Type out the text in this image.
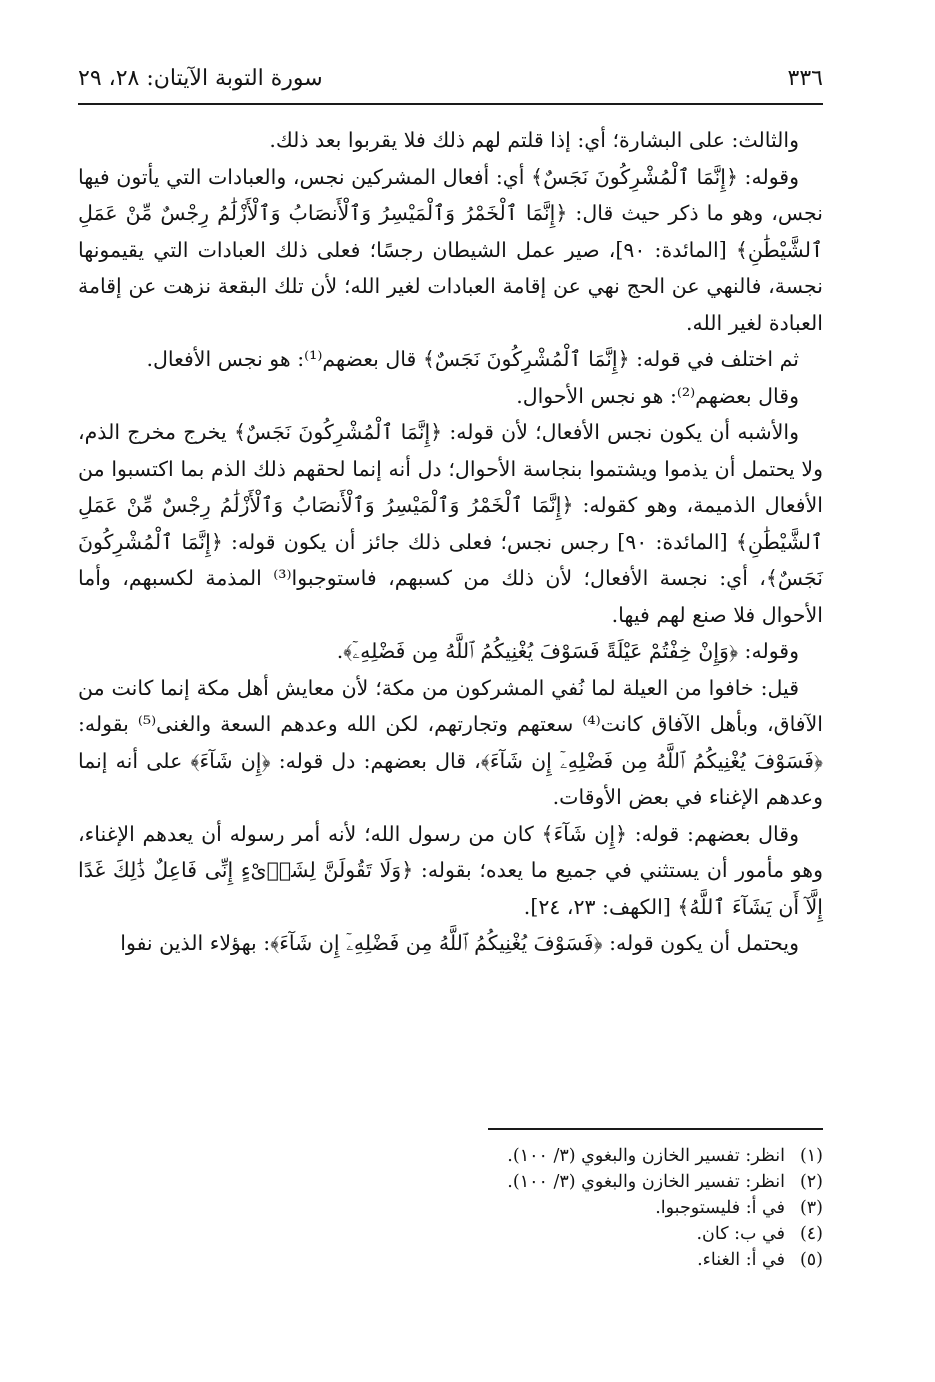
٣٣٦
سورة التوبة الآيتان: ٢٨، ٢٩

والثالث: على البشارة؛ أي: إذا قلتم لهم ذلك فلا يقربوا بعد ذلك.

وقوله: ﴿إِنَّمَا ٱلْمُشْرِكُونَ نَجَسٌ﴾ أي: أفعال المشركين نجس، والعبادات التي يأتون فيها نجس، وهو ما ذكر حيث قال: ﴿إِنَّمَا ٱلْخَمْرُ وَٱلْمَيْسِرُ وَٱلْأَنصَابُ وَٱلْأَزْلَٰمُ رِجْسٌ مِّنْ عَمَلِ ٱلشَّيْطَٰنِ﴾ [المائدة: ٩٠]، صير عمل الشيطان رجسًا؛ فعلى ذلك العبادات التي يقيمونها نجسة، فالنهي عن الحج نهي عن إقامة العبادات لغير الله؛ لأن تلك البقعة نزهت عن إقامة العبادة لغير الله.

ثم اختلف في قوله: ﴿إِنَّمَا ٱلْمُشْرِكُونَ نَجَسٌ﴾ قال بعضهم⁽¹⁾: هو نجس الأفعال.

وقال بعضهم⁽²⁾: هو نجس الأحوال.

والأشبه أن يكون نجس الأفعال؛ لأن قوله: ﴿إِنَّمَا ٱلْمُشْرِكُونَ نَجَسٌ﴾ يخرج مخرج الذم، ولا يحتمل أن يذموا ويشتموا بنجاسة الأحوال؛ دل أنه إنما لحقهم ذلك الذم بما اكتسبوا من الأفعال الذميمة، وهو كقوله: ﴿إِنَّمَا ٱلْخَمْرُ وَٱلْمَيْسِرُ وَٱلْأَنصَابُ وَٱلْأَزْلَٰمُ رِجْسٌ مِّنْ عَمَلِ ٱلشَّيْطَٰنِ﴾ [المائدة: ٩٠] رجس نجس؛ فعلى ذلك جائز أن يكون قوله: ﴿إِنَّمَا ٱلْمُشْرِكُونَ نَجَسٌ﴾، أي: نجسة الأفعال؛ لأن ذلك من كسبهم، فاستوجبوا⁽³⁾ المذمة لكسبهم، وأما الأحوال فلا صنع لهم فيها.

وقوله: ﴿وَإِنْ خِفْتُمْ عَيْلَةً فَسَوْفَ يُغْنِيكُمُ ٱللَّهُ مِن فَضْلِهِۦٓ﴾.

قيل: خافوا من العيلة لما نُفي المشركون من مكة؛ لأن معايش أهل مكة إنما كانت من الآفاق، وبأهل الآفاق كانت⁽⁴⁾ سعتهم وتجارتهم، لكن الله وعدهم السعة والغنى⁽⁵⁾ بقوله: ﴿فَسَوْفَ يُغْنِيكُمُ ٱللَّهُ مِن فَضْلِهِۦٓ إِن شَآءَ﴾، قال بعضهم: دل قوله: ﴿إِن شَآءَ﴾ على أنه إنما وعدهم الإغناء في بعض الأوقات.

وقال بعضهم: قوله: ﴿إِن شَآءَ﴾ كان من رسول الله؛ لأنه أمر رسوله أن يعدهم الإغناء، وهو مأمور أن يستثني في جميع ما يعده؛ بقوله: ﴿وَلَا تَقُولَنَّ لِشَا۟ىْءٍ إِنِّى فَاعِلٌ ذَٰلِكَ غَدًا إِلَّآ أَن يَشَآءَ ٱللَّهُ﴾ [الكهف: ٢٣، ٢٤].

ويحتمل أن يكون قوله: ﴿فَسَوْفَ يُغْنِيكُمُ ٱللَّهُ مِن فَضْلِهِۦٓ إِن شَآءَ﴾: بهؤلاء الذين نفوا

(١)
انظر: تفسير الخازن والبغوي (٣/ ١٠٠).
(٢)
انظر: تفسير الخازن والبغوي (٣/ ١٠٠).
(٣)
في أ: فليستوجبوا.
(٤)
في ب: كان.
(٥)
في أ: الغناء.
